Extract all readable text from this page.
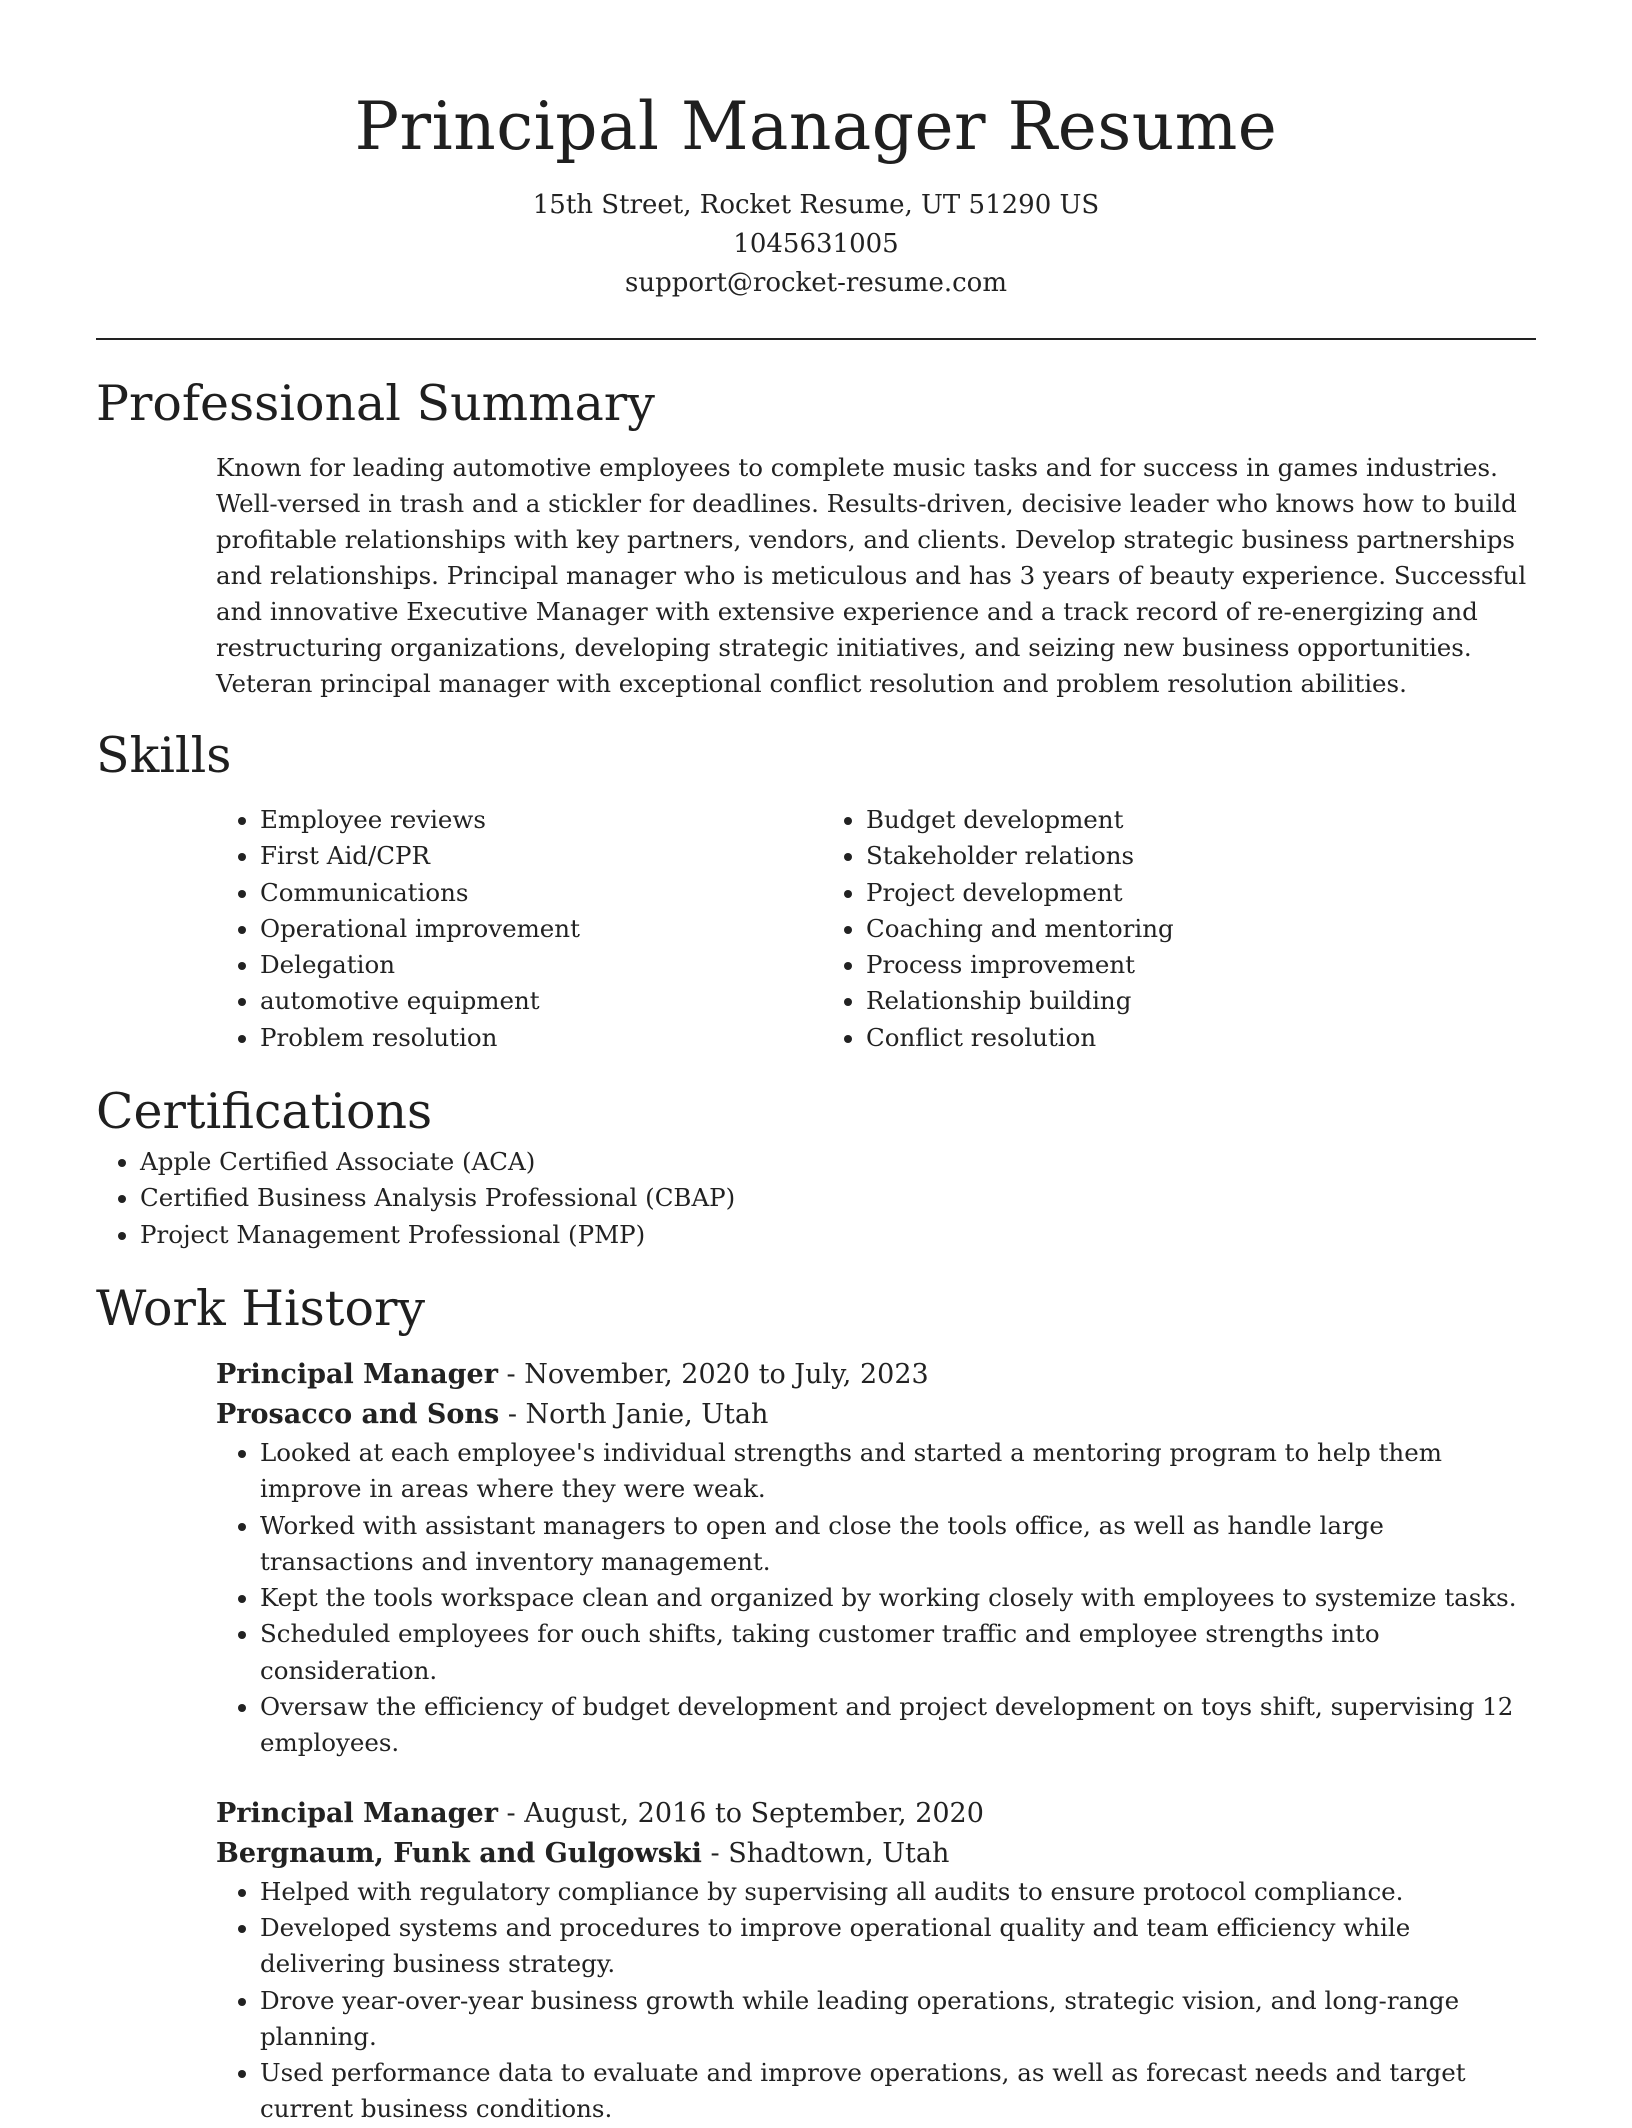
Principal Manager Resume

15th Street, Rocket Resume, UT 51290 US

1045631005

support@rocket-resume.com

Professional Summary

Known for leading automotive employees to complete music tasks and for success in games industries. Well-versed in trash and a stickler for deadlines. Results-driven, decisive leader who knows how to build profitable relationships with key partners, vendors, and clients. Develop strategic business partnerships and relationships. Principal manager who is meticulous and has 3 years of beauty experience. Successful and innovative Executive Manager with extensive experience and a track record of re-energizing and restructuring organizations, developing strategic initiatives, and seizing new business opportunities. Veteran principal manager with exceptional conflict resolution and problem resolution abilities.

Skills
• Employee reviews
• First Aid/CPR
• Communications
• Operational improvement
• Delegation
• automotive equipment
• Problem resolution
• Budget development
• Stakeholder relations
• Project development
• Coaching and mentoring
• Process improvement
• Relationship building
• Conflict resolution
Certifications
• Apple Certified Associate (ACA)
• Certified Business Analysis Professional (CBAP)
• Project Management Professional (PMP)
Work History

Principal Manager - November, 2020 to July, 2023

Prosacco and Sons - North Janie, Utah

• Looked at each employee's individual strengths and started a mentoring program to help them improve in areas where they were weak.
• Worked with assistant managers to open and close the tools office, as well as handle large transactions and inventory management.
• Kept the tools workspace clean and organized by working closely with employees to systemize tasks.
• Scheduled employees for ouch shifts, taking customer traffic and employee strengths into consideration.
• Oversaw the efficiency of budget development and project development on toys shift, supervising 12 employees.

Principal Manager - August, 2016 to September, 2020

Bergnaum, Funk and Gulgowski - Shadtown, Utah

• Helped with regulatory compliance by supervising all audits to ensure protocol compliance.
• Developed systems and procedures to improve operational quality and team efficiency while delivering business strategy.
• Drove year-over-year business growth while leading operations, strategic vision, and long-range planning.
• Used performance data to evaluate and improve operations, as well as forecast needs and target current business conditions.
